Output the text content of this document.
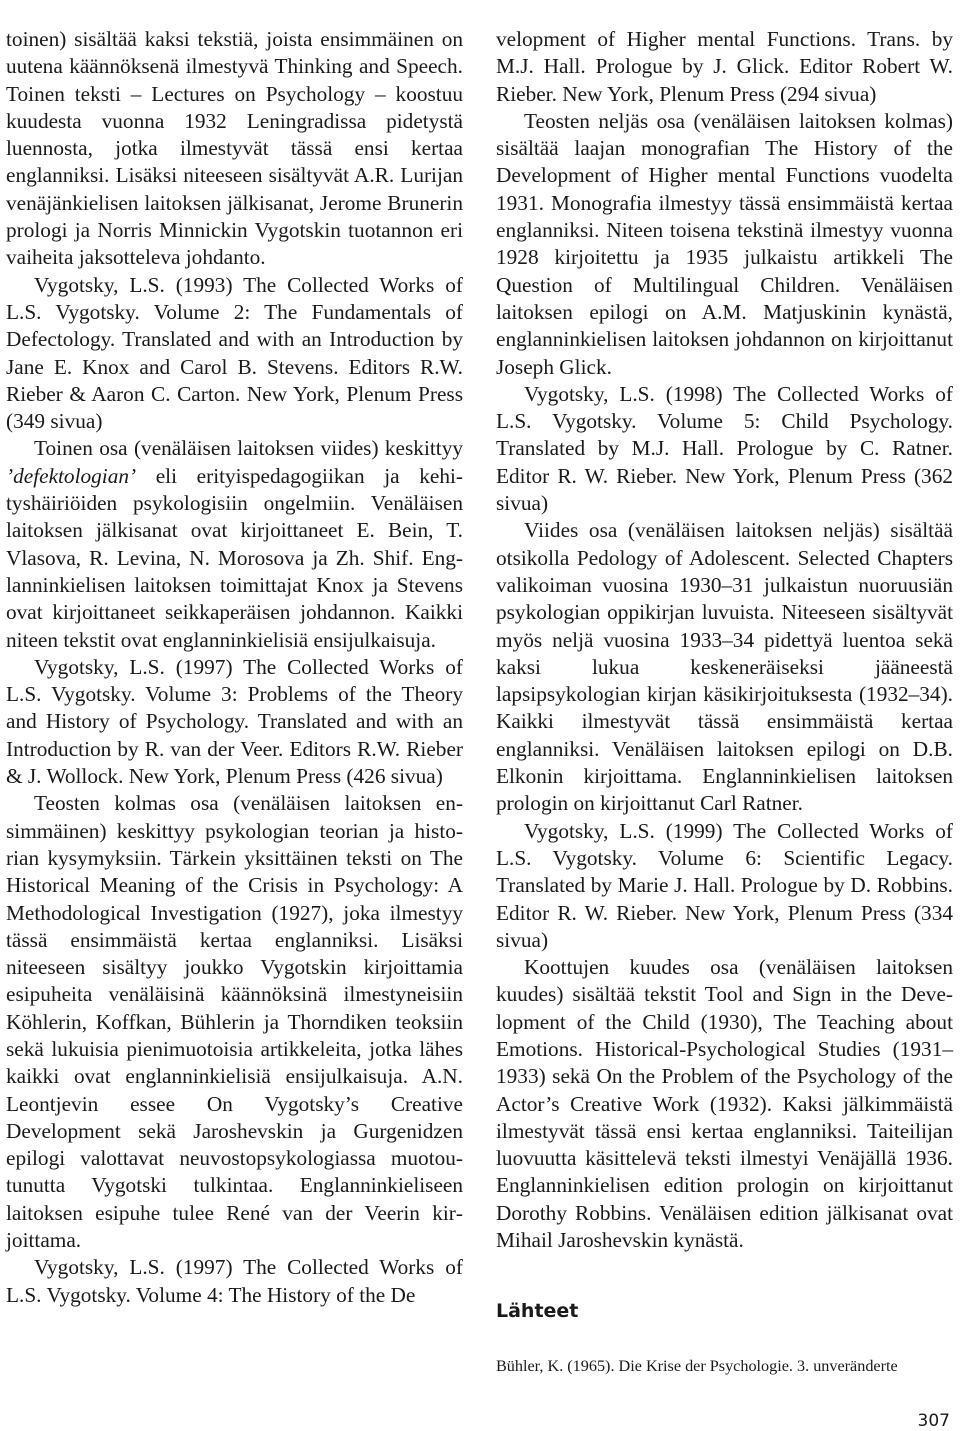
toinen) sisältää kaksi tekstiä, joista ensimmäinen on uutena käännöksenä ilmestyvä Thinking and Speech. Toinen teksti – Lectures on Psychology – koostuu kuudesta vuonna 1932 Leningradissa pidetystä luennosta, jotka ilmestyvät tässä ensi kertaa englanniksi. Lisäksi niteeseen sisältyvät A.R. Lurijan venäjänkielisen laitoksen jälkisanat, Jerome Brunerin prologi ja Norris Minnickin Vygotskin tuotannon eri vaiheita jaksotteleva johdanto.

Vygotsky, L.S. (1993) The Collected Works of L.S. Vygotsky. Volume 2: The Fundamentals of Defectology. Translated and with an Introduction by Jane E. Knox and Carol B. Stevens. Editors R.W. Rieber & Aaron C. Carton. New York, Plenum Press (349 sivua)

Toinen osa (venäläisen laitoksen viides) keskittyy ’defektologian’ eli erityispedagogiikan ja kehityshäiriöiden psykologisiin ongelmiin. Venäläisen laitoksen jälkisanat ovat kirjoittaneet E. Bein, T. Vlasova, R. Levina, N. Morosova ja Zh. Shif. Englanninkielisen laitoksen toimittajat Knox ja Stevens ovat kirjoittaneet seikkaperäisen johdannon. Kaikki niteen tekstit ovat englanninkielisiä ensijulkaisuja.

Vygotsky, L.S. (1997) The Collected Works of L.S. Vygotsky. Volume 3: Problems of the Theory and History of Psychology. Translated and with an Introduction by R. van der Veer. Editors R.W. Rieber & J. Wollock. New York, Plenum Press (426 sivua)

Teosten kolmas osa (venäläisen laitoksen ensimmäinen) keskittyy psykologian teorian ja historian kysymyksiin. Tärkein yksittäinen teksti on The Historical Meaning of the Crisis in Psychology: A Methodological Investigation (1927), joka ilmestyy tässä ensimmäistä kertaa englanniksi. Lisäksi niteeseen sisältyy joukko Vygotskin kirjoittamia esipuheita venäläisinä käännöksinä ilmestyneisiin Köhlerin, Koffkan, Bühlerin ja Thorndiken teoksiin sekä lukuisia pienimuotoisia artikkeleita, jotka lähes kaikki ovat englanninkielisiä ensijulkaisuja. A.N. Leontjevin essee On Vygotsky’s Creative Development sekä Jaroshevskin ja Gurgenidzen epilogi valottavat neuvostopsykologiassa muotoutunutta Vygotski tulkintaa. Englanninkieliseen laitoksen esipuhe tulee René van der Veerin kirjoittama.

Vygotsky, L.S. (1997) The Collected Works of L.S. Vygotsky. Volume 4: The History of the De

velopment of Higher mental Functions. Trans. by M.J. Hall. Prologue by J. Glick. Editor Robert W. Rieber. New York, Plenum Press (294 sivua)

Teosten neljäs osa (venäläisen laitoksen kolmas) sisältää laajan monografian The History of the Development of Higher mental Functions vuodelta 1931. Monografia ilmestyy tässä ensimmäistä kertaa englanniksi. Niteen toisena tekstinä ilmestyy vuonna 1928 kirjoitettu ja 1935 julkaistu artikkeli The Question of Multilingual Children. Venäläisen laitoksen epilogi on A.M. Matjuskinin kynästä, englanninkielisen laitoksen johdannon on kirjoittanut Joseph Glick.

Vygotsky, L.S. (1998) The Collected Works of L.S. Vygotsky. Volume 5: Child Psychology. Translated by M.J. Hall. Prologue by C. Ratner. Editor R. W. Rieber. New York, Plenum Press (362 sivua)

Viides osa (venäläisen laitoksen neljäs) sisältää otsikolla Pedology of Adolescent. Selected Chapters valikoiman vuosina 1930–31 julkaistun nuoruusiän psykologian oppikirjan luvuista. Niteeseen sisältyvät myös neljä vuosina 1933–34 pidettyä luentoa sekä kaksi lukua keskeneräiseksi jääneestä lapsipsykologian kirjan käsikirjoituksesta (1932–34). Kaikki ilmestyvät tässä ensimmäistä kertaa englanniksi. Venäläisen laitoksen epilogi on D.B. Elkonin kirjoittama. Englanninkielisen laitoksen prologin on kirjoittanut Carl Ratner.

Vygotsky, L.S. (1999) The Collected Works of L.S. Vygotsky. Volume 6: Scientific Legacy. Translated by Marie J. Hall. Prologue by D. Robbins. Editor R. W. Rieber. New York, Plenum Press (334 sivua)

Koottujen kuudes osa (venäläisen laitoksen kuudes) sisältää tekstit Tool and Sign in the Development of the Child (1930), The Teaching about Emotions. Historical-Psychological Studies (1931–1933) sekä On the Problem of the Psychology of the Actor’s Creative Work (1932). Kaksi jälkimmäistä ilmestyvät tässä ensi kertaa englanniksi. Taiteilijan luovuutta käsittelevä teksti ilmestyi Venäjällä 1936. Englanninkielisen edition prologin on kirjoittanut Dorothy Robbins. Venäläisen edition jälkisanat ovat Mihail Jaroshevskin kynästä.

Lähteet

Bühler, K. (1965). Die Krise der Psychologie. 3. unveränderte

307
